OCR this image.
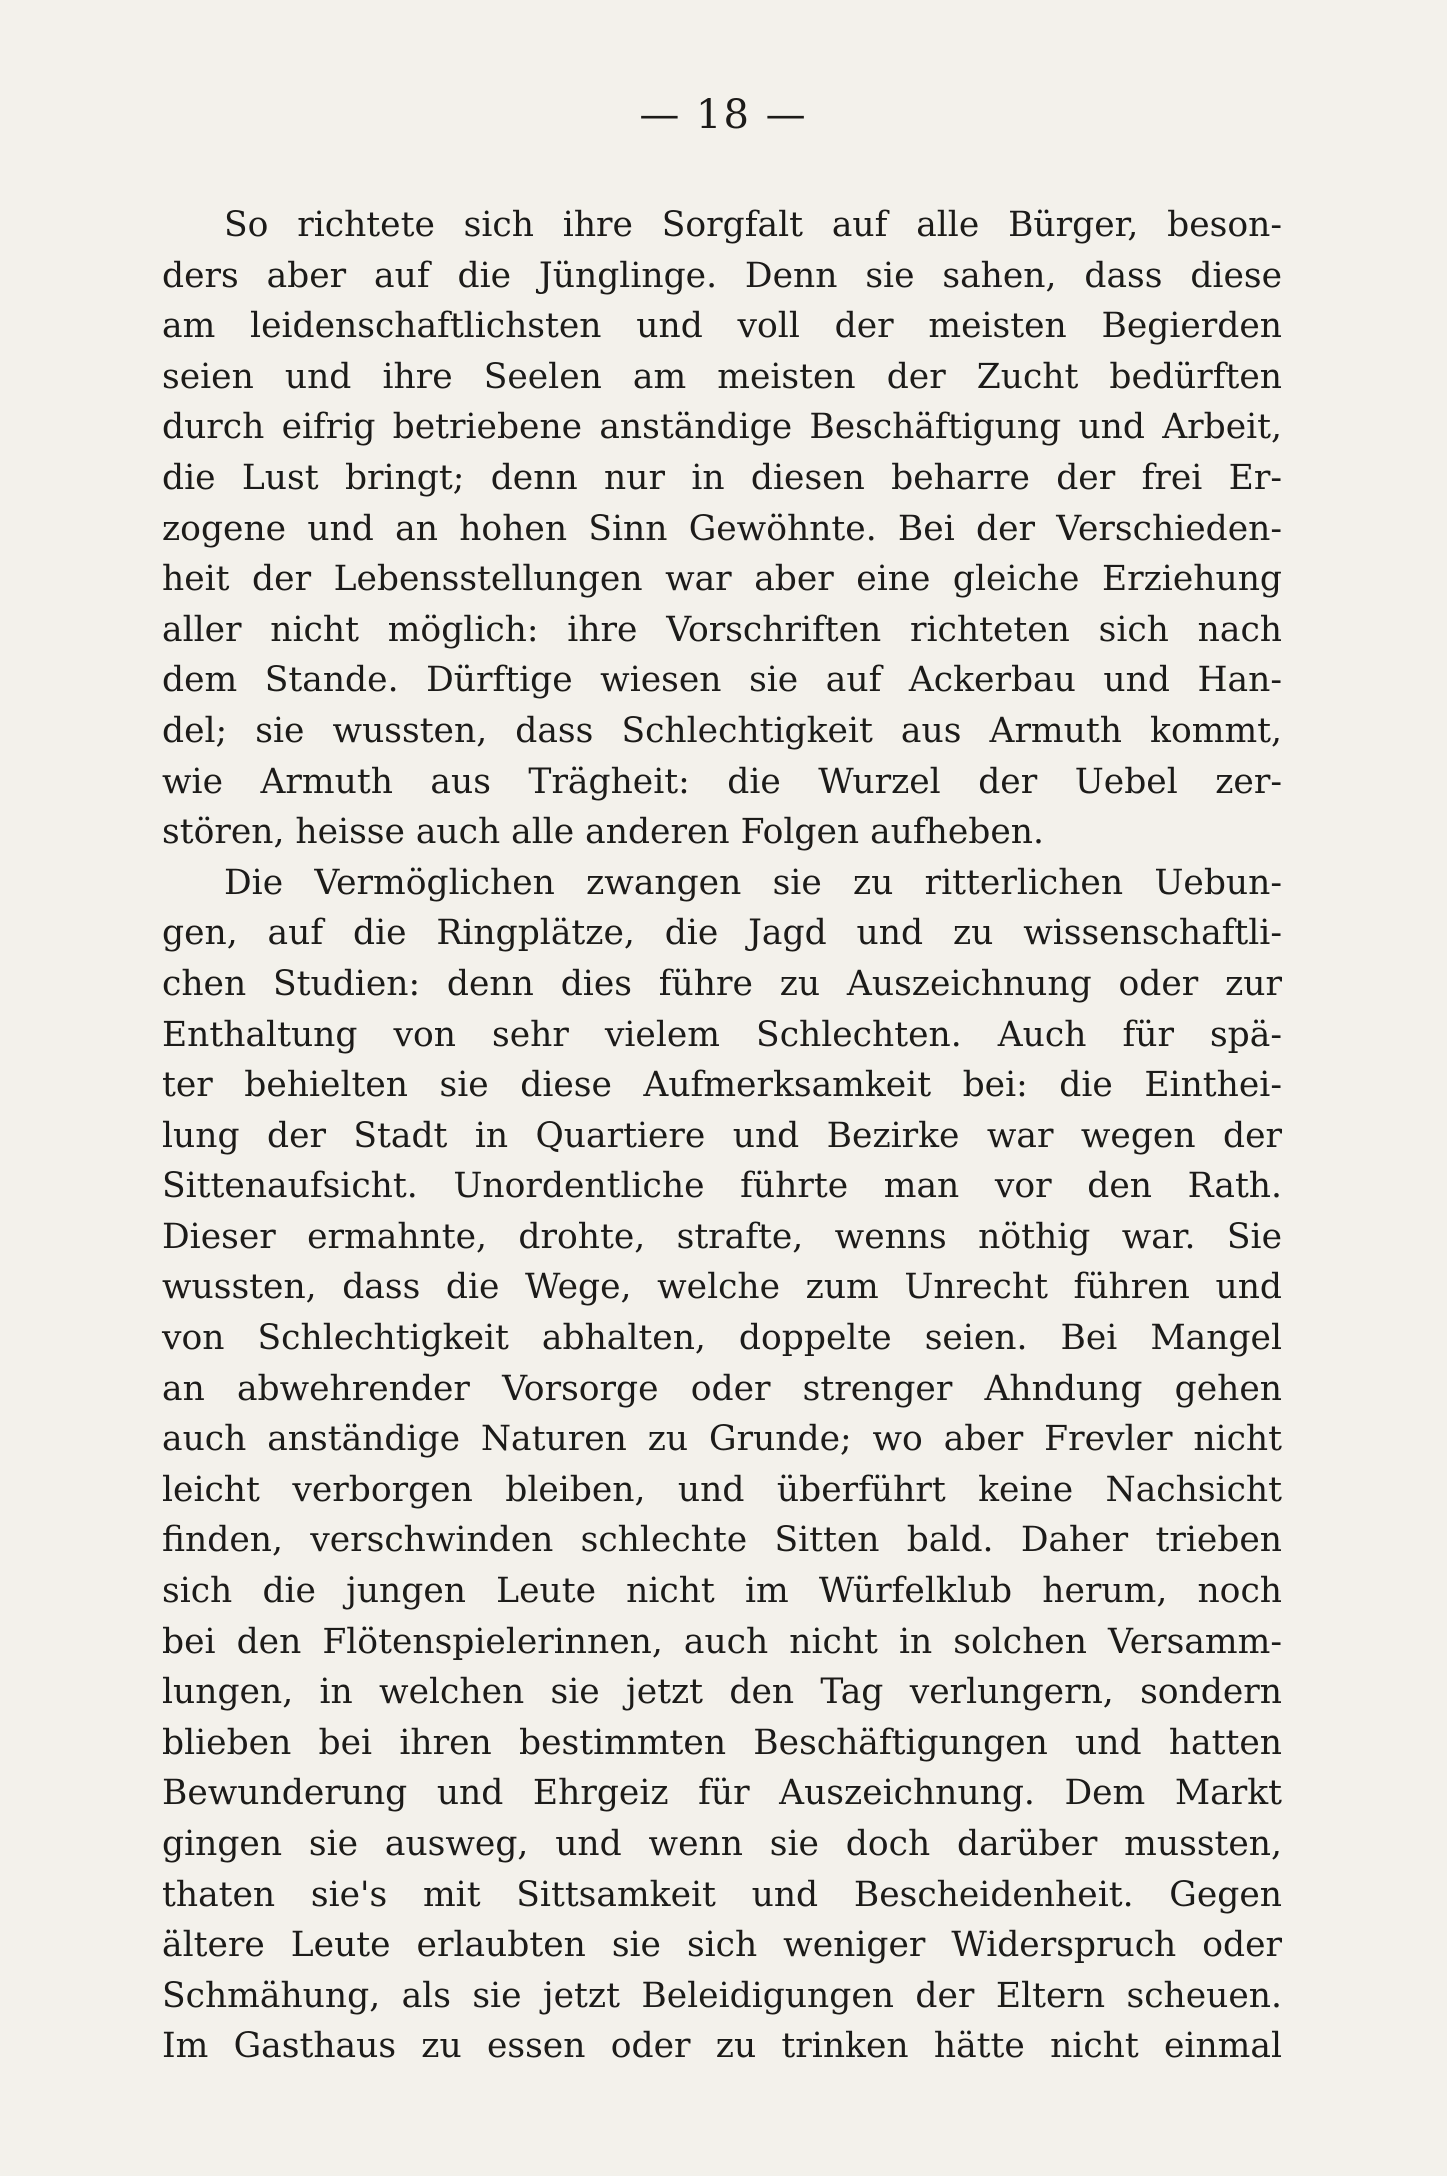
— 18 —
So richtete sich ihre Sorgfalt auf alle Bürger, beson-
ders aber auf die Jünglinge. Denn sie sahen, dass diese
am leidenschaftlichsten und voll der meisten Begierden
seien und ihre Seelen am meisten der Zucht bedürften
durch eifrig betriebene anständige Beschäftigung und Arbeit,
die Lust bringt; denn nur in diesen beharre der frei Er-
zogene und an hohen Sinn Gewöhnte. Bei der Verschieden-
heit der Lebensstellungen war aber eine gleiche Erziehung
aller nicht möglich: ihre Vorschriften richteten sich nach
dem Stande. Dürftige wiesen sie auf Ackerbau und Han-
del; sie wussten, dass Schlechtigkeit aus Armuth kommt,
wie Armuth aus Trägheit: die Wurzel der Uebel zer-
stören, heisse auch alle anderen Folgen aufheben.
Die Vermöglichen zwangen sie zu ritterlichen Uebun-
gen, auf die Ringplätze, die Jagd und zu wissenschaftli-
chen Studien: denn dies führe zu Auszeichnung oder zur
Enthaltung von sehr vielem Schlechten. Auch für spä-
ter behielten sie diese Aufmerksamkeit bei: die Einthei-
lung der Stadt in Quartiere und Bezirke war wegen der
Sittenaufsicht. Unordentliche führte man vor den Rath.
Dieser ermahnte, drohte, strafte, wenns nöthig war. Sie
wussten, dass die Wege, welche zum Unrecht führen und
von Schlechtigkeit abhalten, doppelte seien. Bei Mangel
an abwehrender Vorsorge oder strenger Ahndung gehen
auch anständige Naturen zu Grunde; wo aber Frevler nicht
leicht verborgen bleiben, und überführt keine Nachsicht
finden, verschwinden schlechte Sitten bald. Daher trieben
sich die jungen Leute nicht im Würfelklub herum, noch
bei den Flötenspielerinnen, auch nicht in solchen Versamm-
lungen, in welchen sie jetzt den Tag verlungern, sondern
blieben bei ihren bestimmten Beschäftigungen und hatten
Bewunderung und Ehrgeiz für Auszeichnung. Dem Markt
gingen sie ausweg, und wenn sie doch darüber mussten,
thaten sie's mit Sittsamkeit und Bescheidenheit. Gegen
ältere Leute erlaubten sie sich weniger Widerspruch oder
Schmähung, als sie jetzt Beleidigungen der Eltern scheuen.
Im Gasthaus zu essen oder zu trinken hätte nicht einmal
